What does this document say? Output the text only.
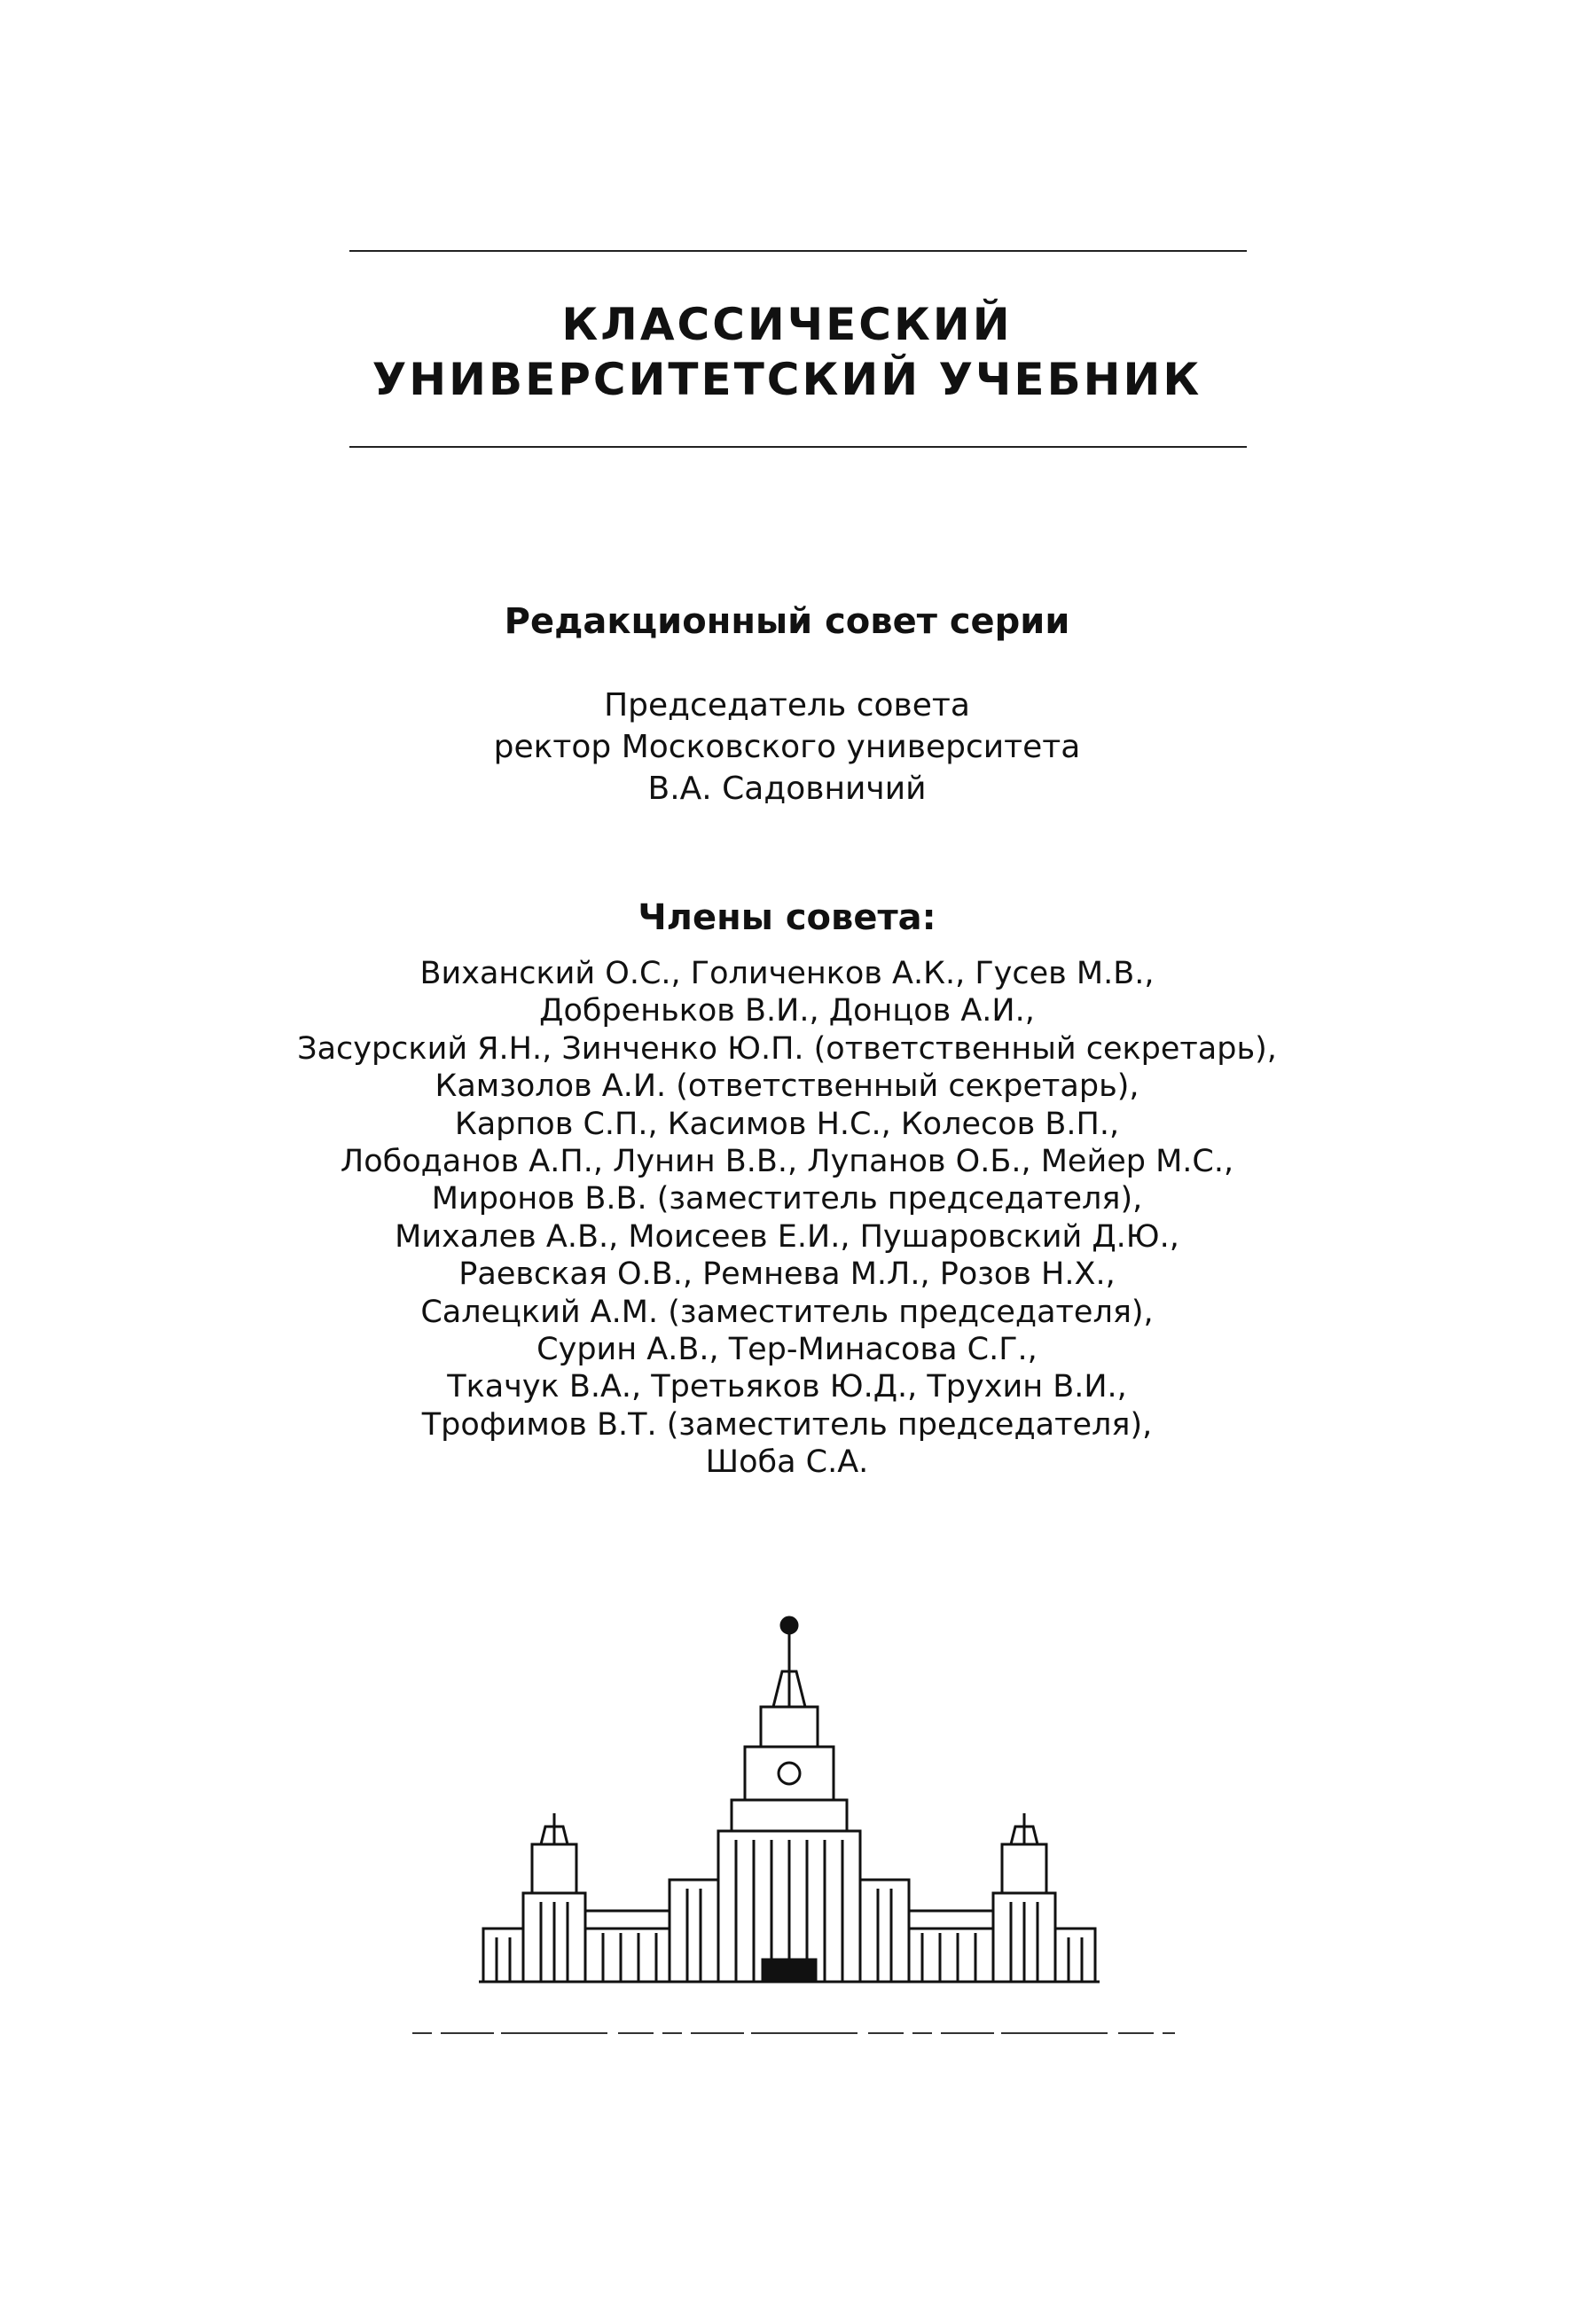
КЛАССИЧЕСКИЙ
УНИВЕРСИТЕТСКИЙ УЧЕБНИК
Редакционный совет серии
Председатель совета
ректор Московского университета
В.А. Садовничий
Члены совета:
Виханский О.С., Голиченков А.К., Гусев М.В.,
Добреньков В.И., Донцов А.И.,
Засурский Я.Н., Зинченко Ю.П. (ответственный секретарь),
Камзолов А.И. (ответственный секретарь),
Карпов С.П., Касимов Н.С., Колесов В.П.,
Лободанов А.П., Лунин В.В., Лупанов О.Б., Мейер М.С.,
Миронов В.В. (заместитель председателя),
Михалев А.В., Моисеев Е.И., Пушаровский Д.Ю.,
Раевская О.В., Ремнева М.Л., Розов Н.Х.,
Салецкий А.М. (заместитель председателя),
Сурин А.В., Тер-Минасова С.Г.,
Ткачук В.А., Третьяков Ю.Д., Трухин В.И.,
Трофимов В.Т. (заместитель председателя),
Шоба С.А.
